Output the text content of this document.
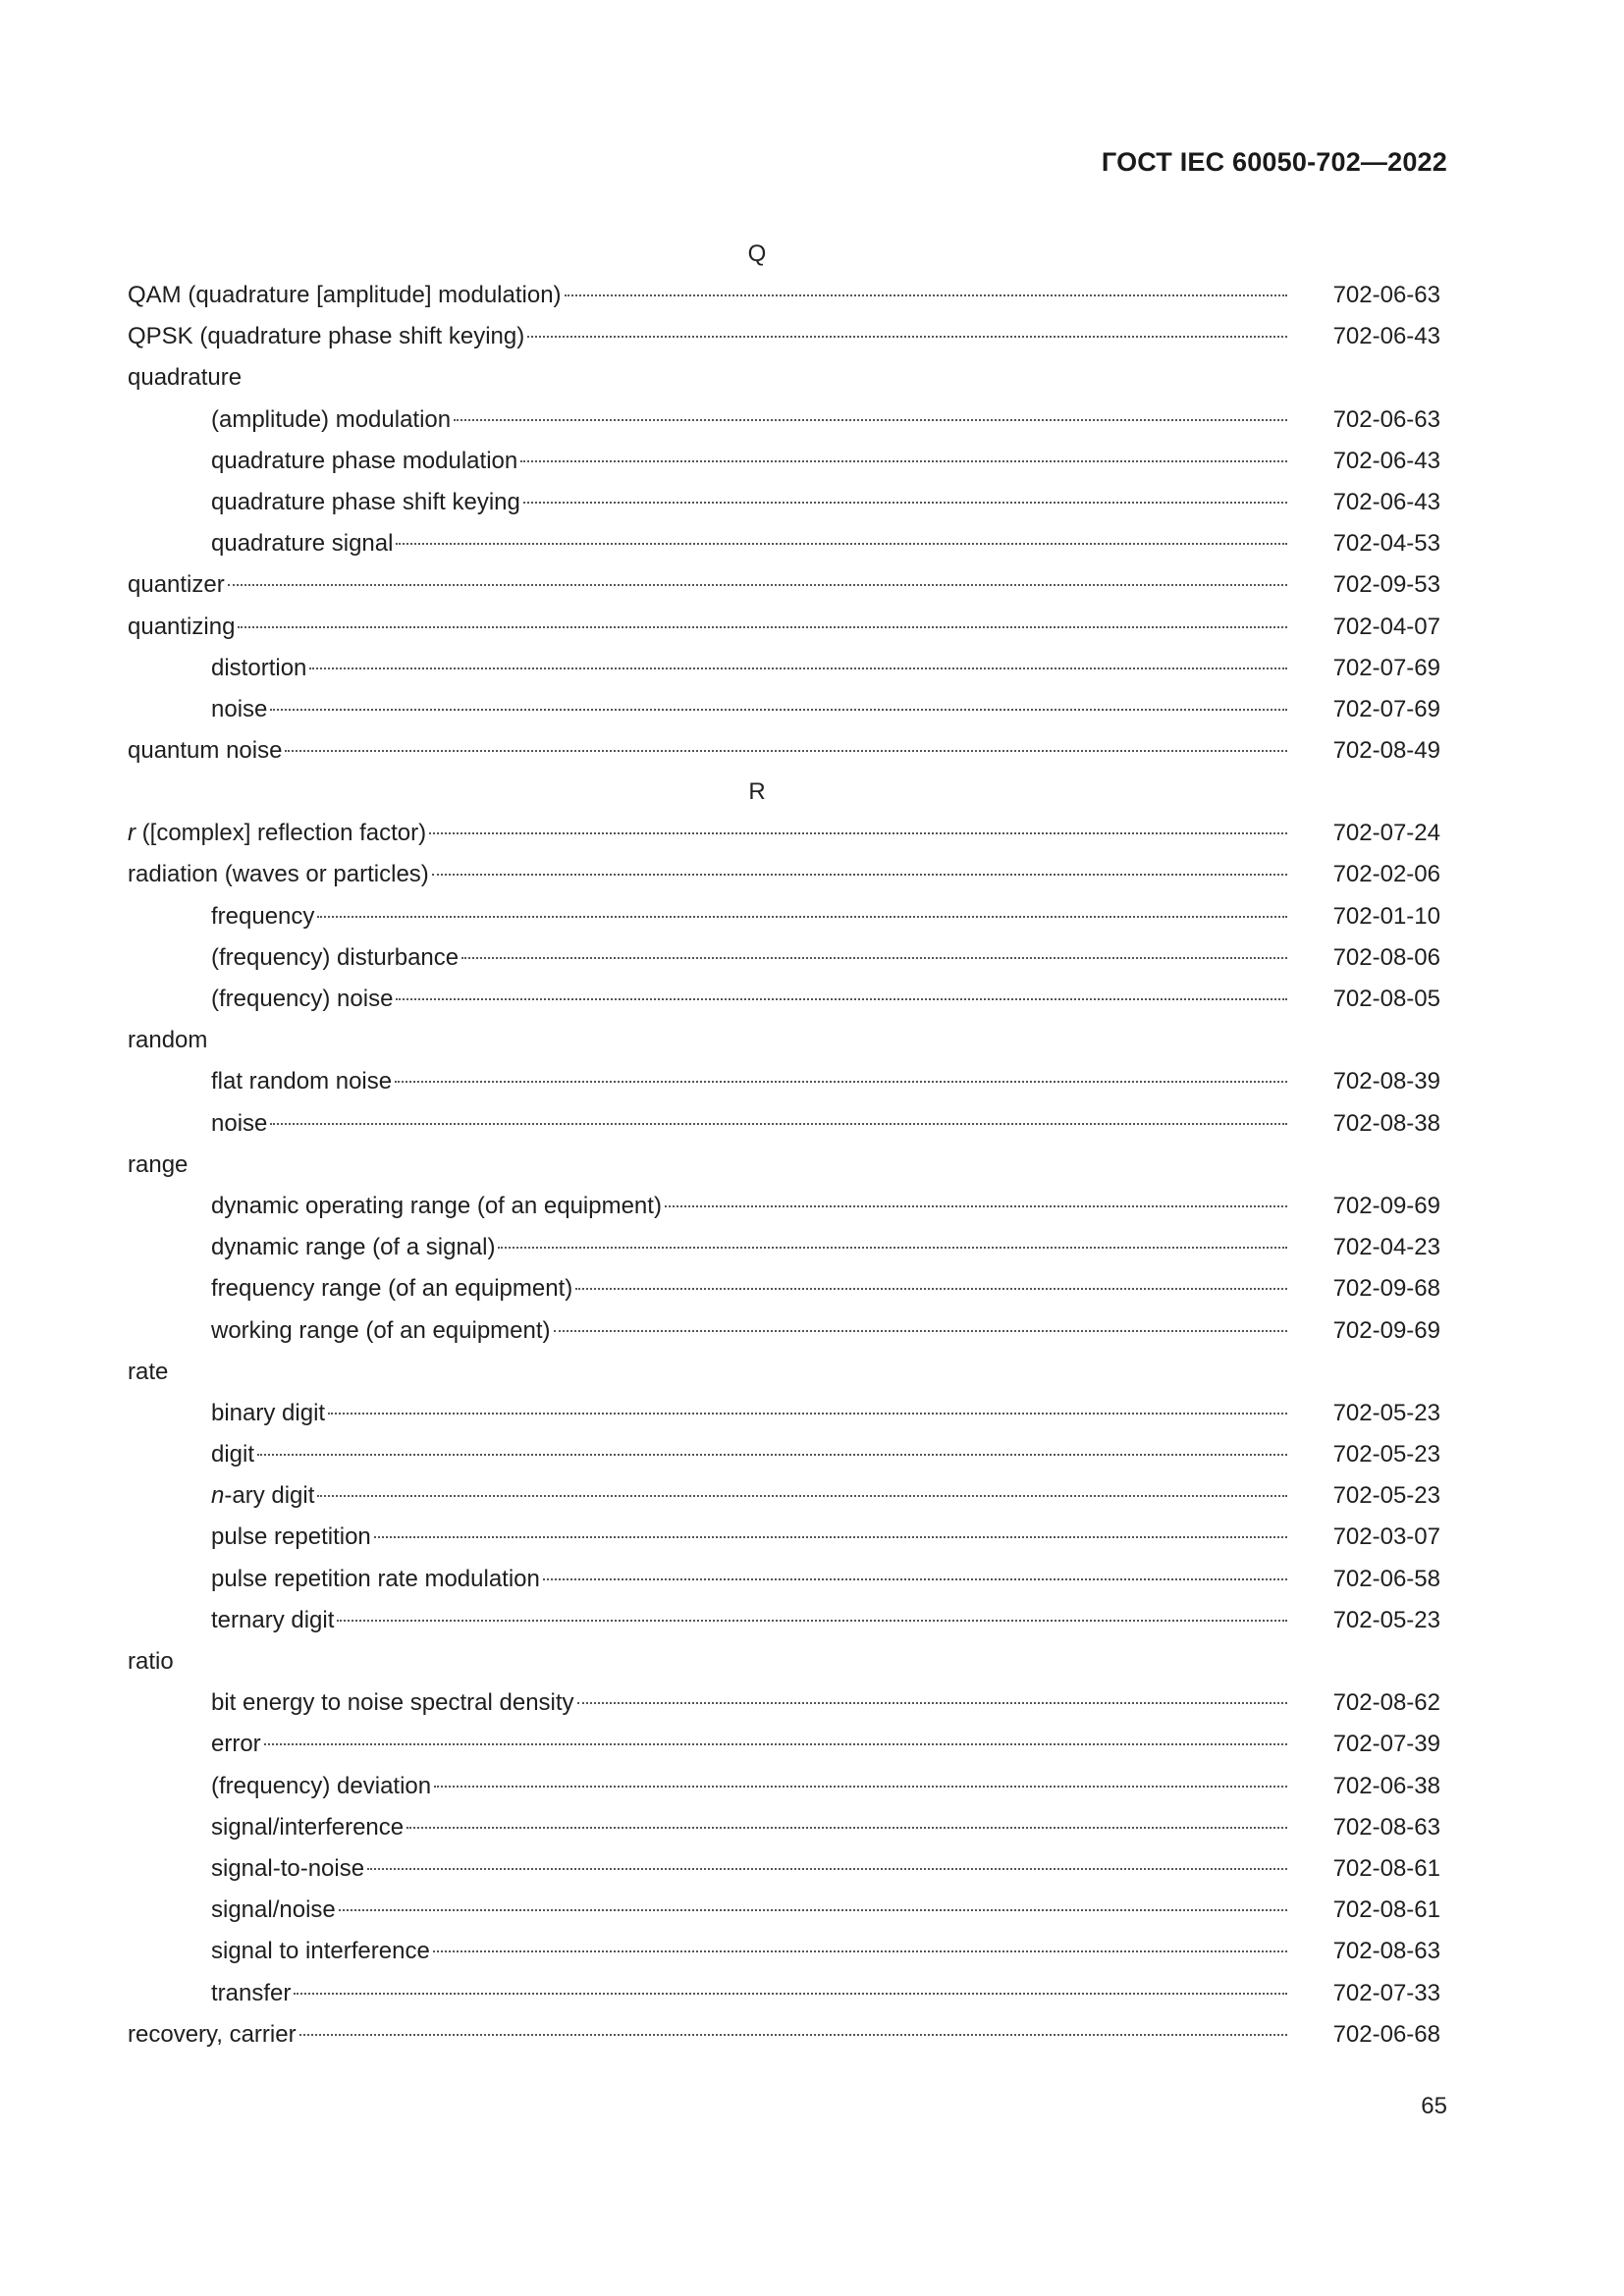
ГОСТ IEC 60050-702—2022
Q
QAM (quadrature [amplitude] modulation)	702-06-63
QPSK (quadrature phase shift keying)	702-06-43
quadrature
(amplitude) modulation	702-06-63
quadrature phase modulation	702-06-43
quadrature phase shift keying	702-06-43
quadrature signal	702-04-53
quantizer	702-09-53
quantizing	702-04-07
distortion	702-07-69
noise	702-07-69
quantum noise	702-08-49
R
r ([complex] reflection factor)	702-07-24
radiation (waves or particles)	702-02-06
frequency	702-01-10
(frequency) disturbance	702-08-06
(frequency) noise	702-08-05
random
flat random noise	702-08-39
noise	702-08-38
range
dynamic operating range (of an equipment)	702-09-69
dynamic range (of a signal)	702-04-23
frequency range (of an equipment)	702-09-68
working range (of an equipment)	702-09-69
rate
binary digit	702-05-23
digit	702-05-23
n-ary digit	702-05-23
pulse repetition	702-03-07
pulse repetition rate modulation	702-06-58
ternary digit	702-05-23
ratio
bit energy to noise spectral density	702-08-62
error	702-07-39
(frequency) deviation	702-06-38
signal/interference	702-08-63
signal-to-noise	702-08-61
signal/noise	702-08-61
signal to interference	702-08-63
transfer	702-07-33
recovery, carrier	702-06-68
65
